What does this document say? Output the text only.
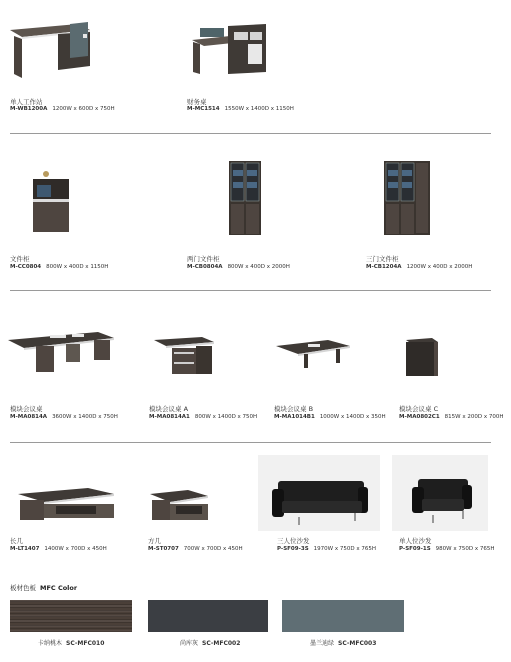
单人工作站
M-WB1200A 1200W x 600D x 750H
财务桌
M-MC1514 1550W x 1400D x 1150H
文件柜
M-CC0804 800W x 400D x 1150H
两门文件柜
M-CB0804A 800W x 400D x 2000H
三门文件柜
M-CB1204A 1200W x 400D x 2000H
模块会议桌
M-MA0814A 3600W x 1400D x 750H
模块会议桌 A
M-MA0814A1 800W x 1400D x 750H
模块会议桌 B
M-MA1014B1 1000W x 1400D x 350H
模块会议桌 C
M-MA0802C1 815W x 200D x 700H
长几
M-LT1407 1400W x 700D x 450H
方几
M-ST0707 700W x 700D x 450H
三人位沙发
P-SF09-3S 1970W x 750D x 765H
单人位沙发
P-SF09-1S 980W x 750D x 765H
板材色板 MFC Color
卡纳桃木 SC-MFC010	尚库灰 SC-MFC002	墨兰迪绿 SC-MFC003
